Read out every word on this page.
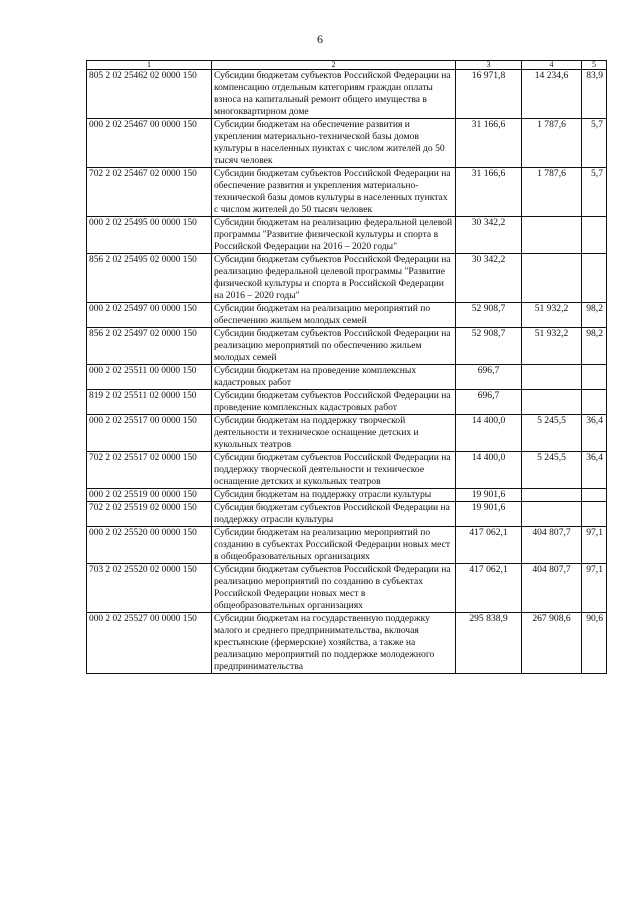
6
1	2	3	4	5
805 2 02 25462 02 0000 150	Субсидии бюджетам субъектов Российской Федерации на компенсацию отдельным категориям граждан оплаты взноса на капитальный ремонт общего имущества в многоквартирном доме	16 971,8	14 234,6	83,9
000 2 02 25467 00 0000 150	Субсидии бюджетам на обеспечение развития и укрепления материально-технической базы домов культуры в населенных пунктах с числом жителей до 50 тысяч человек	31 166,6	1 787,6	5,7
702 2 02 25467 02 0000 150	Субсидии бюджетам субъектов Российской Федерации на обеспечение развития и укрепления материально-технической базы домов культуры в населенных пунктах с числом жителей до 50 тысяч человек	31 166,6	1 787,6	5,7
000 2 02 25495 00 0000 150	Субсидии бюджетам на реализацию федеральной целевой программы "Развитие физической культуры и спорта в Российской Федерации на 2016 – 2020 годы"	30 342,2		
856 2 02 25495 02 0000 150	Субсидии бюджетам субъектов Российской Федерации на реализацию федеральной целевой программы "Развитие физической культуры и спорта в Российской Федерации на 2016 – 2020 годы"	30 342,2		
000 2 02 25497 00 0000 150	Субсидии бюджетам на реализацию мероприятий по обеспечению жильем молодых семей	52 908,7	51 932,2	98,2
856 2 02 25497 02 0000 150	Субсидии бюджетам субъектов Российской Федерации на реализацию мероприятий по обеспечению жильем молодых семей	52 908,7	51 932,2	98,2
000 2 02 25511 00 0000 150	Субсидии бюджетам на проведение комплексных кадастровых работ	696,7		
819 2 02 25511 02 0000 150	Субсидии бюджетам субъектов Российской Федерации на проведение комплексных кадастровых работ	696,7		
000 2 02 25517 00 0000 150	Субсидии бюджетам на поддержку творческой деятельности и техническое оснащение детских и кукольных театров	14 400,0	5 245,5	36,4
702 2 02 25517 02 0000 150	Субсидии бюджетам субъектов Российской Федерации на поддержку творческой деятельности и техническое оснащение детских и кукольных театров	14 400,0	5 245,5	36,4
000 2 02 25519 00 0000 150	Субсидия бюджетам на поддержку отрасли культуры	19 901,6		
702 2 02 25519 02 0000 150	Субсидия бюджетам субъектов Российской Федерации на поддержку отрасли культуры	19 901,6		
000 2 02 25520 00 0000 150	Субсидии бюджетам на реализацию мероприятий по созданию в субъектах Российской Федерации новых мест в общеобразовательных организациях	417 062,1	404 807,7	97,1
703 2 02 25520 02 0000 150	Субсидии бюджетам субъектов Российской Федерации на реализацию мероприятий по созданию в субъектах Российской Федерации новых мест в общеобразовательных организациях	417 062,1	404 807,7	97,1
000 2 02 25527 00 0000 150	Субсидии бюджетам на государственную поддержку малого и среднего предпринимательства, включая крестьянские (фермерские) хозяйства, а также на реализацию мероприятий по поддержке молодежного предпринимательства	295 838,9	267 908,6	90,6
